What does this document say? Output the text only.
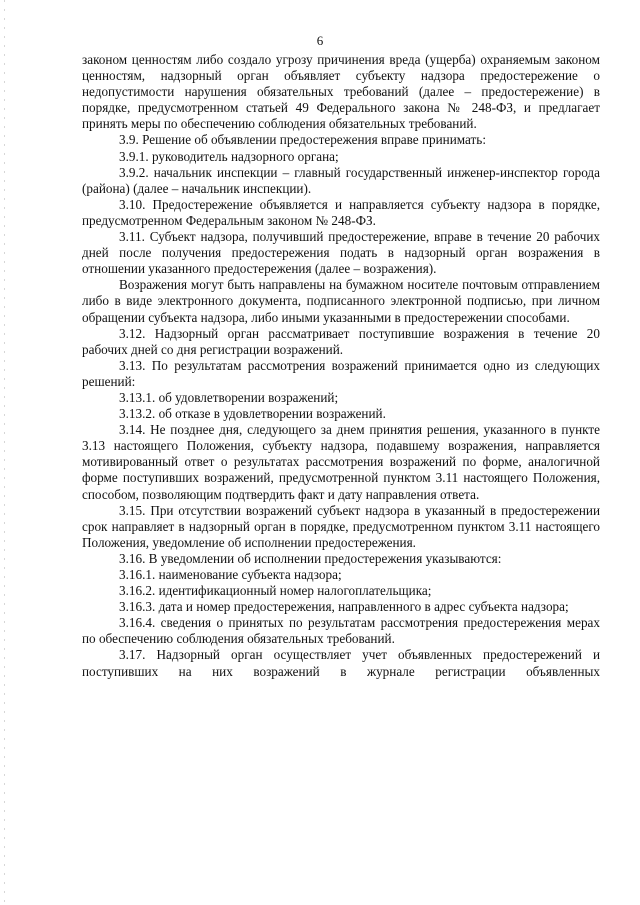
6

законом ценностям либо создало угрозу причинения вреда (ущерба) охраняемым законом ценностям, надзорный орган объявляет субъекту надзора предостережение о недопустимости нарушения обязательных требований (далее – предостережение) в порядке, предусмотренном статьей 49 Федерального закона № 248-ФЗ, и предлагает принять меры по обеспечению соблюдения обязательных требований.

3.9. Решение об объявлении предостережения вправе принимать:

3.9.1. руководитель надзорного органа;

3.9.2. начальник инспекции – главный государственный инженер-инспектор города (района) (далее – начальник инспекции).

3.10. Предостережение объявляется и направляется субъекту надзора в порядке, предусмотренном Федеральным законом № 248-ФЗ.

3.11. Субъект надзора, получивший предостережение, вправе в течение 20 рабочих дней после получения предостережения подать в надзорный орган возражения в отношении указанного предостережения (далее – возражения).

Возражения могут быть направлены на бумажном носителе почтовым отправлением либо в виде электронного документа, подписанного электронной подписью, при личном обращении субъекта надзора, либо иными указанными в предостережении способами.

3.12. Надзорный орган рассматривает поступившие возражения в течение 20 рабочих дней со дня регистрации возражений.

3.13. По результатам рассмотрения возражений принимается одно из следующих решений:

3.13.1. об удовлетворении возражений;

3.13.2. об отказе в удовлетворении возражений.

3.14. Не позднее дня, следующего за днем принятия решения, указанного в пункте 3.13 настоящего Положения, субъекту надзора, подавшему возражения, направляется мотивированный ответ о результатах рассмотрения возражений по форме, аналогичной форме поступивших возражений, предусмотренной пунктом 3.11 настоящего Положения, способом, позволяющим подтвердить факт и дату направления ответа.

3.15. При отсутствии возражений субъект надзора в указанный в предостережении срок направляет в надзорный орган в порядке, предусмотренном пунктом 3.11 настоящего Положения, уведомление об исполнении предостережения.

3.16. В уведомлении об исполнении предостережения указываются:

3.16.1. наименование субъекта надзора;

3.16.2. идентификационный номер налогоплательщика;

3.16.3. дата и номер предостережения, направленного в адрес субъекта надзора;

3.16.4. сведения о принятых по результатам рассмотрения предостережения мерах по обеспечению соблюдения обязательных требований.

3.17. Надзорный орган осуществляет учет объявленных предостережений и поступивших на них возражений в журнале регистрации объявленных
